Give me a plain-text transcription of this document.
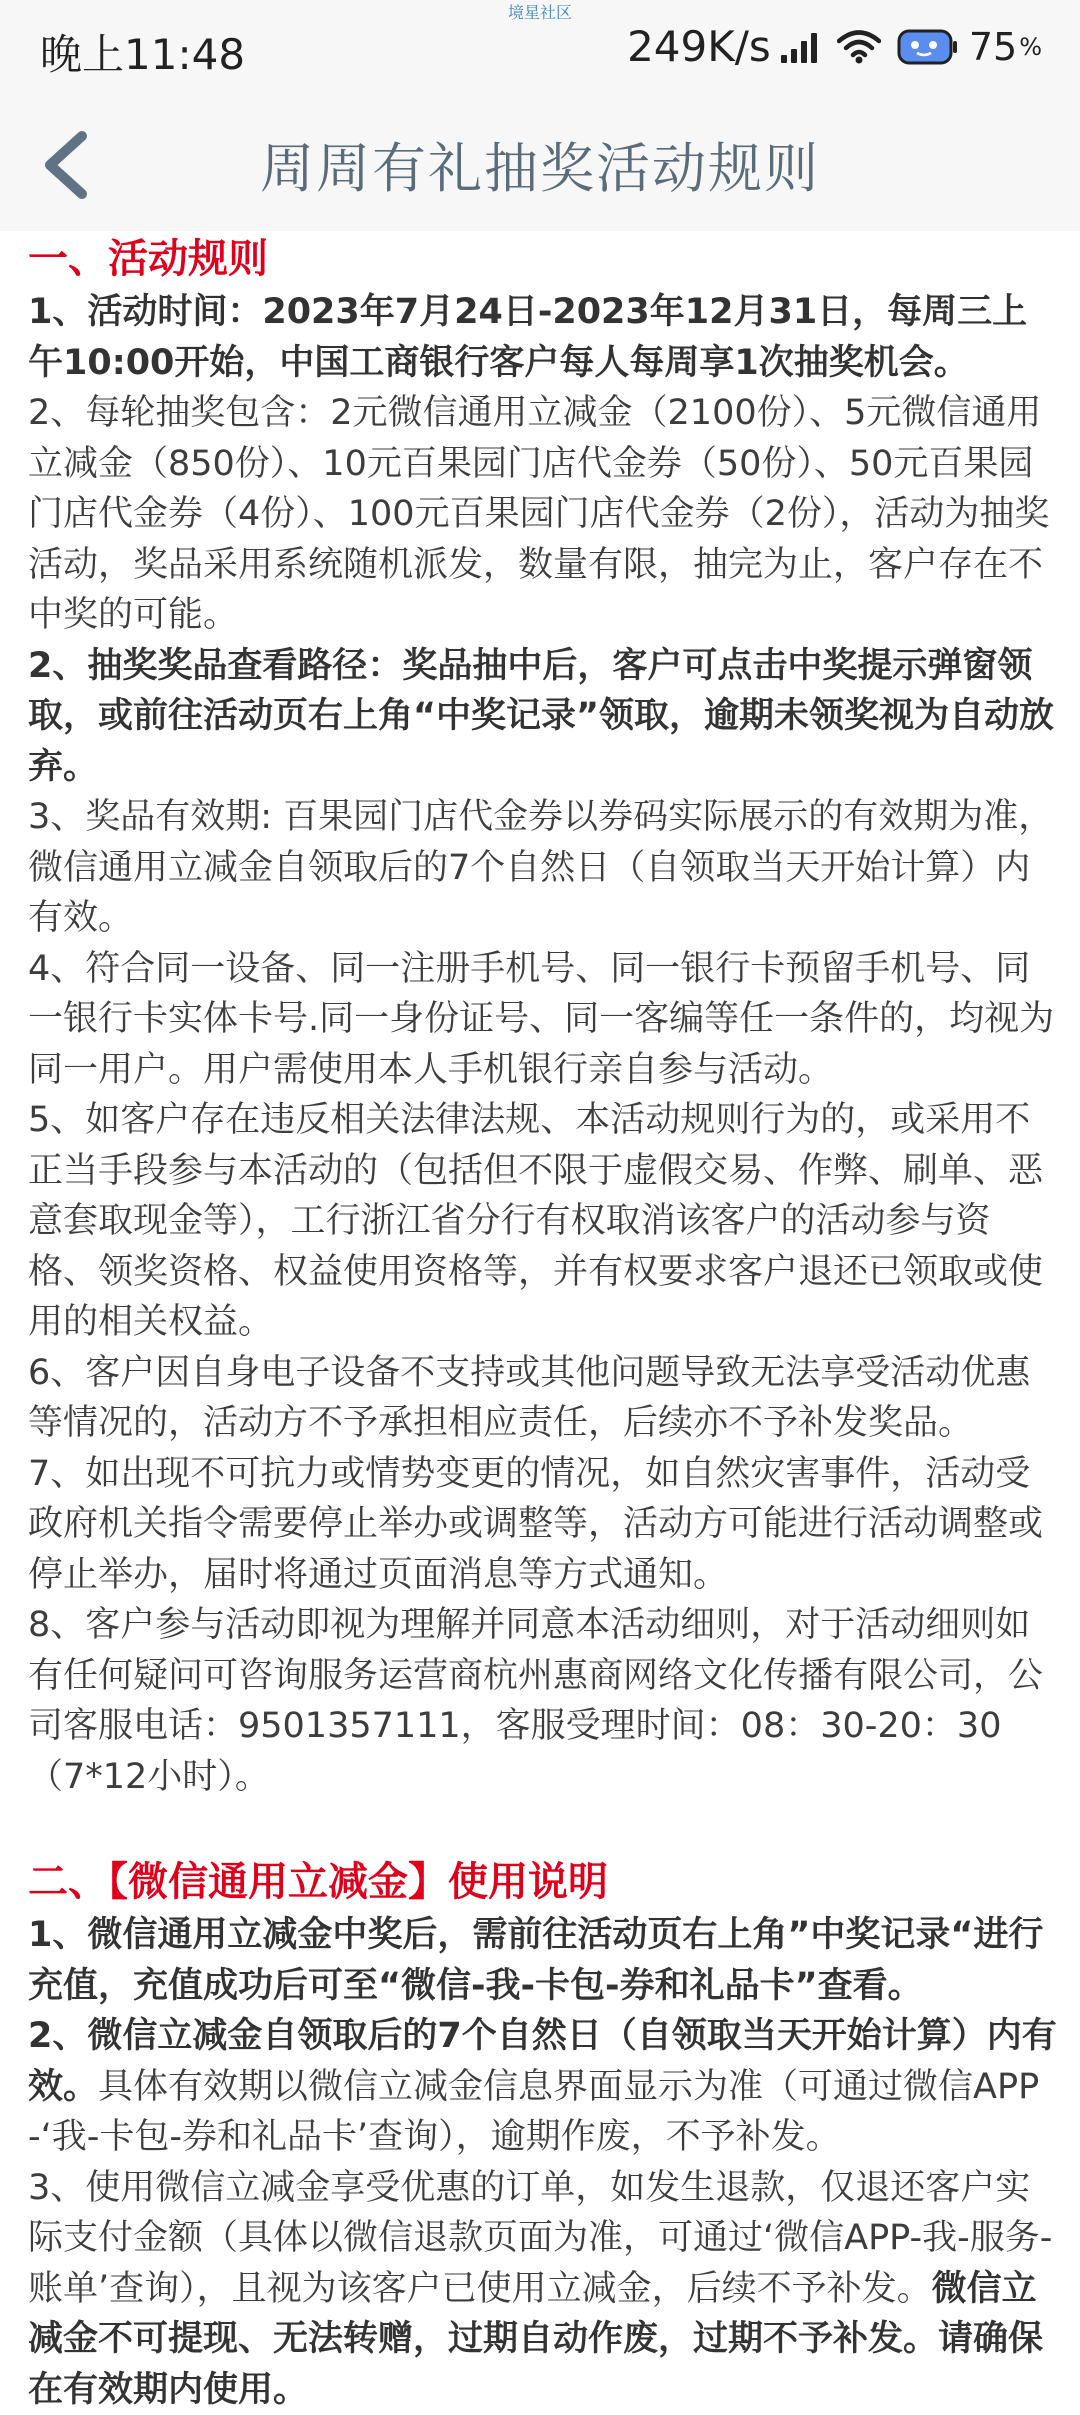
晚上11:48
境星社区
249K/s	75 %
周周有礼抽奖活动规则

一、活动规则

1、活动时间：2023年7月24日-2023年12月31日，每周三上午10:00开始，中国工商银行客户每人每周享1次抽奖机会。

2、每轮抽奖包含：2元微信通用立减金（2100份）、5元微信通用立减金（850份）、10元百果园门店代金券（50份）、50元百果园门店代金券（4份）、100元百果园门店代金券（2份），活动为抽奖活动，奖品采用系统随机派发，数量有限，抽完为止，客户存在不中奖的可能。

2、抽奖奖品查看路径：奖品抽中后，客户可点击中奖提示弹窗领取，或前往活动页右上角“中奖记录”领取，逾期未领奖视为自动放弃。

3、奖品有效期: 百果园门店代金券以券码实际展示的有效期为准，微信通用立减金自领取后的7个自然日（自领取当天开始计算）内有效。

4、符合同一设备、同一注册手机号、同一银行卡预留手机号、同一银行卡实体卡号.同一身份证号、同一客编等任一条件的，均视为同一用户。用户需使用本人手机银行亲自参与活动。

5、如客户存在违反相关法律法规、本活动规则行为的，或采用不正当手段参与本活动的（包括但不限于虚假交易、作弊、刷单、恶意套取现金等），工行浙江省分行有权取消该客户的活动参与资格、领奖资格、权益使用资格等，并有权要求客户退还已领取或使用的相关权益。

6、客户因自身电子设备不支持或其他问题导致无法享受活动优惠等情况的，活动方不予承担相应责任，后续亦不予补发奖品。

7、如出现不可抗力或情势变更的情况，如自然灾害事件，活动受政府机关指令需要停止举办或调整等，活动方可能进行活动调整或停止举办，届时将通过页面消息等方式通知。

8、客户参与活动即视为理解并同意本活动细则，对于活动细则如有任何疑问可咨询服务运营商杭州惠商网络文化传播有限公司，公司客服电话：9501357111，客服受理时间：08：30-20：30（7*12小时）。

二、【微信通用立减金】使用说明

1、微信通用立减金中奖后，需前往活动页右上角”中奖记录“进行充值，充值成功后可至“微信-我-卡包-券和礼品卡”查看。

2、微信立减金自领取后的7个自然日（自领取当天开始计算）内有效。具体有效期以微信立减金信息界面显示为准（可通过微信APP-‘我-卡包-券和礼品卡’查询），逾期作废，不予补发。

3、使用微信立减金享受优惠的订单，如发生退款，仅退还客户实际支付金额（具体以微信退款页面为准，可通过‘微信APP-我-服务-账单’查询），且视为该客户已使用立减金，后续不予补发。微信立减金不可提现、无法转赠，过期自动作废，过期不予补发。请确保在有效期内使用。
